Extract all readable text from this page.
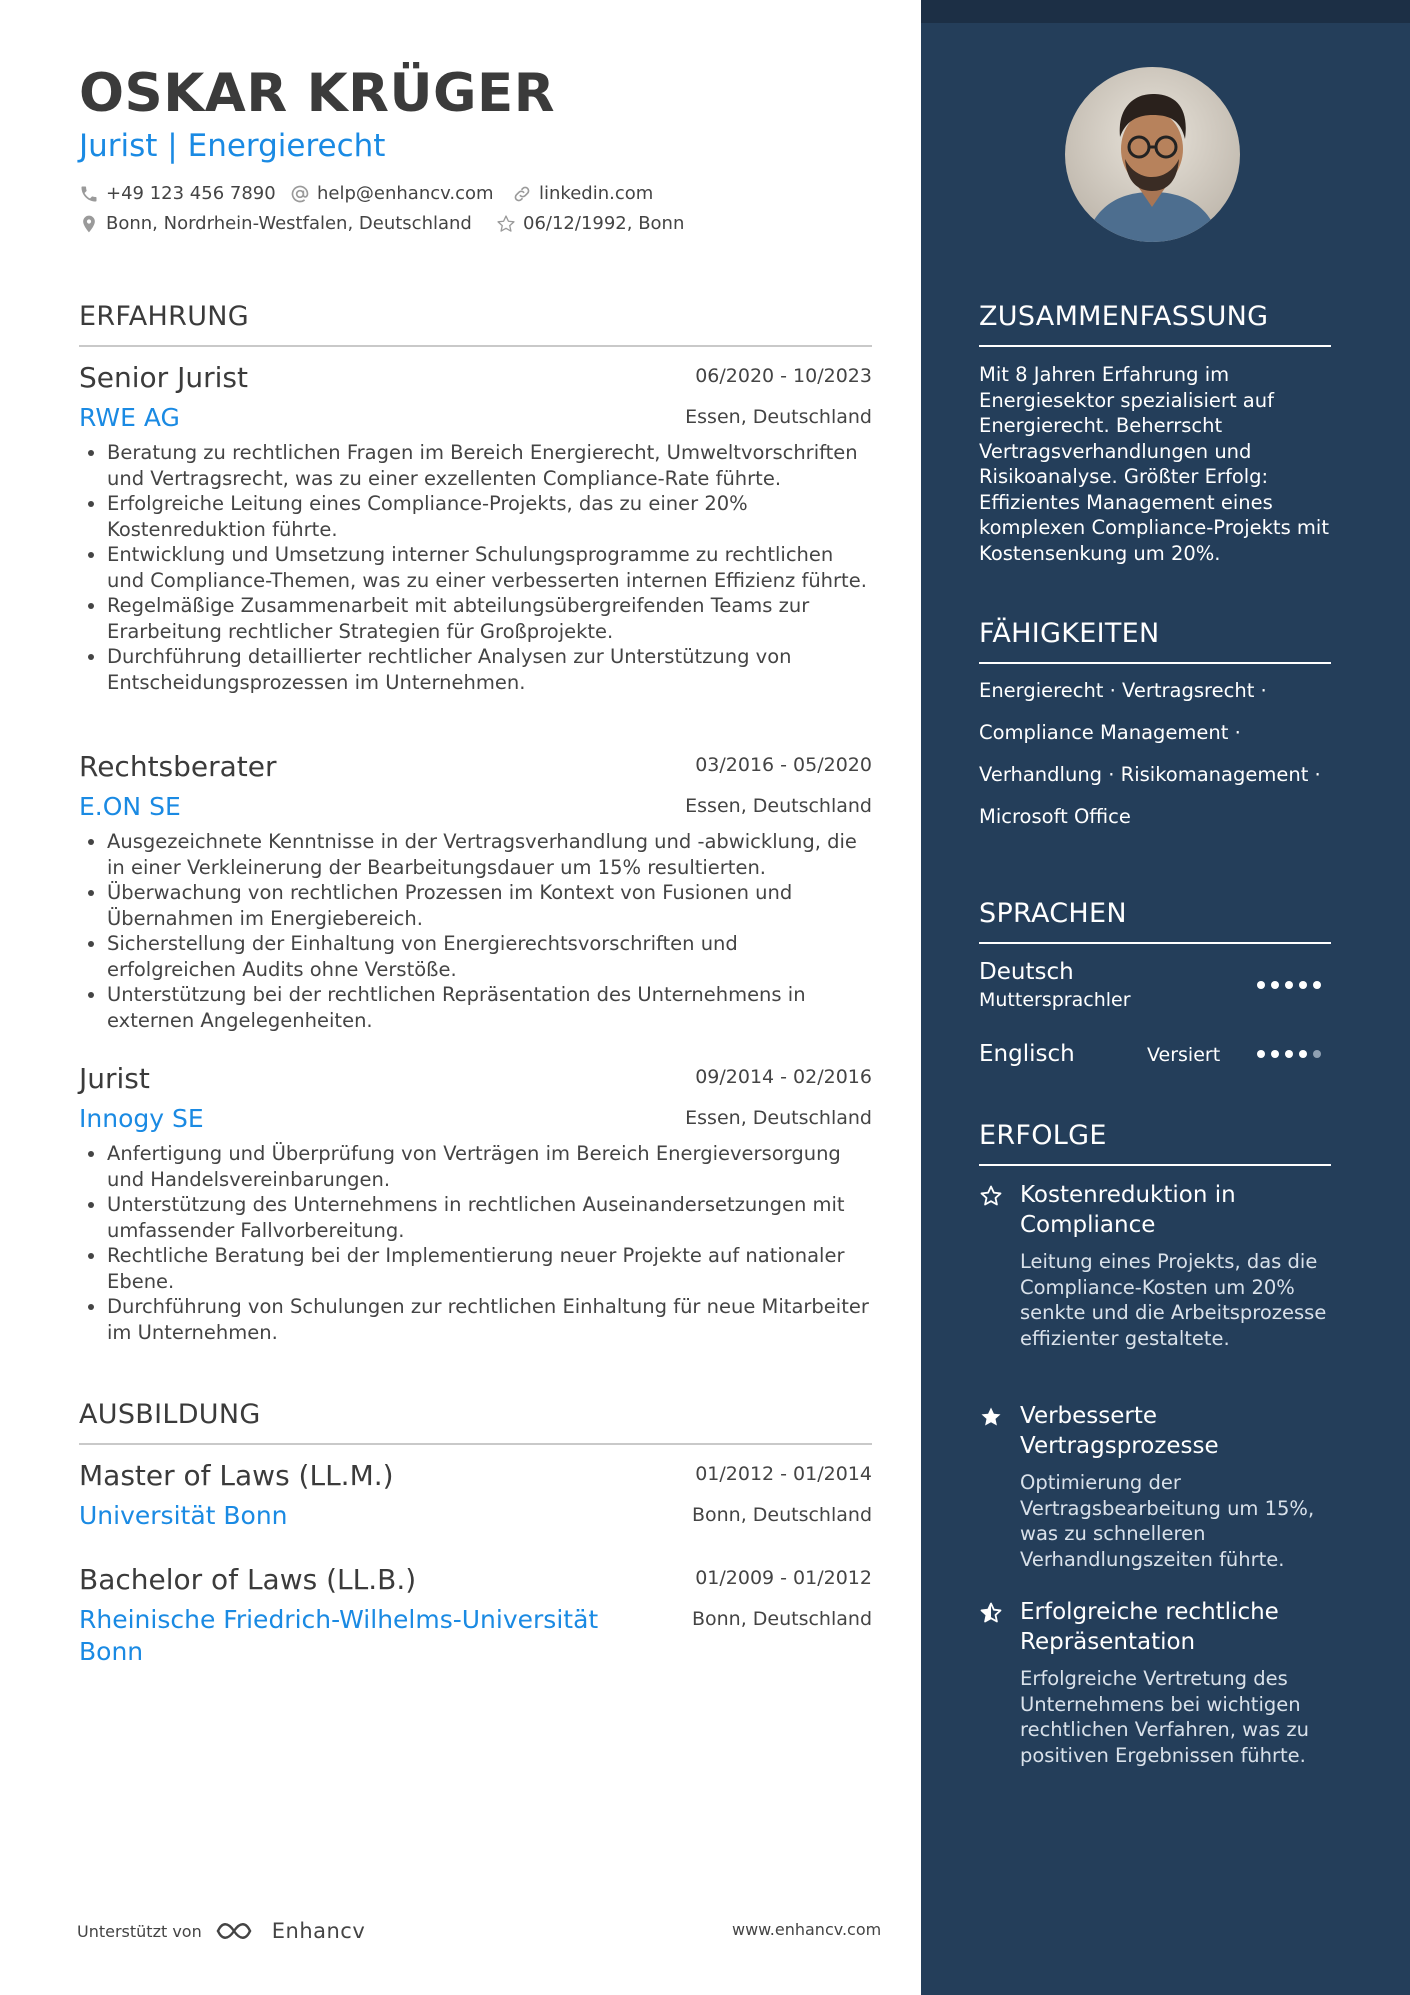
OSKAR KRÜGER
Jurist | Energierecht
+49 123 456 7890 help@enhancv.com	linkedin.com
Bonn, Nordrhein-Westfalen, Deutschland	06/12/1992, Bonn
ERFAHRUNG
Senior Jurist	06/2020 - 10/2023
RWE AG	Essen, Deutschland
• Beratung zu rechtlichen Fragen im Bereich Energierecht, Umweltvorschriften und Vertragsrecht, was zu einer exzellenten Compliance-Rate führte.
• Erfolgreiche Leitung eines Compliance-Projekts, das zu einer 20% Kostenreduktion führte.
• Entwicklung und Umsetzung interner Schulungsprogramme zu rechtlichen und Compliance-Themen, was zu einer verbesserten internen Effizienz führte.
• Regelmäßige Zusammenarbeit mit abteilungsübergreifenden Teams zur Erarbeitung rechtlicher Strategien für Großprojekte.
• Durchführung detaillierter rechtlicher Analysen zur Unterstützung von Entscheidungsprozessen im Unternehmen.
Rechtsberater	03/2016 - 05/2020
E.ON SE	Essen, Deutschland
• Ausgezeichnete Kenntnisse in der Vertragsverhandlung und -abwicklung, die in einer Verkleinerung der Bearbeitungsdauer um 15% resultierten.
• Überwachung von rechtlichen Prozessen im Kontext von Fusionen und Übernahmen im Energiebereich.
• Sicherstellung der Einhaltung von Energierechtsvorschriften und erfolgreichen Audits ohne Verstöße.
• Unterstützung bei der rechtlichen Repräsentation des Unternehmens in externen Angelegenheiten.
Jurist	09/2014 - 02/2016
Innogy SE	Essen, Deutschland
• Anfertigung und Überprüfung von Verträgen im Bereich Energieversorgung und Handelsvereinbarungen.
• Unterstützung des Unternehmens in rechtlichen Auseinandersetzungen mit umfassender Fallvorbereitung.
• Rechtliche Beratung bei der Implementierung neuer Projekte auf nationaler Ebene.
• Durchführung von Schulungen zur rechtlichen Einhaltung für neue Mitarbeiter im Unternehmen.
AUSBILDUNG
Master of Laws (LL.M.)	01/2012 - 01/2014
Universität Bonn	Bonn, Deutschland
Bachelor of Laws (LL.B.)	01/2009 - 01/2012
Rheinische Friedrich-Wilhelms-Universität Bonn
Bonn, Deutschland
ZUSAMMENFASSUNG
Mit 8 Jahren Erfahrung im Energiesektor spezialisiert auf Energierecht. Beherrscht Vertragsverhandlungen und Risikoanalyse. Größter Erfolg: Effizientes Management eines komplexen Compliance-Projekts mit Kostensenkung um 20%.
FÄHIGKEITEN
Energierecht · Vertragsrecht ·
Compliance Management ·
Verhandlung · Risikomanagement ·
Microsoft Office
SPRACHEN
Deutsch
Muttersprachler
Englisch	Versiert
ERFOLGE
Kostenreduktion in Compliance
Leitung eines Projekts, das die Compliance-Kosten um 20% senkte und die Arbeitsprozesse effizienter gestaltete.
Verbesserte Vertragsprozesse
Optimierung der Vertragsbearbeitung um 15%, was zu schnelleren Verhandlungszeiten führte.
Erfolgreiche rechtliche Repräsentation
Erfolgreiche Vertretung des Unternehmens bei wichtigen rechtlichen Verfahren, was zu positiven Ergebnissen führte.
Unterstützt von	Enhancv	www.enhancv.com
